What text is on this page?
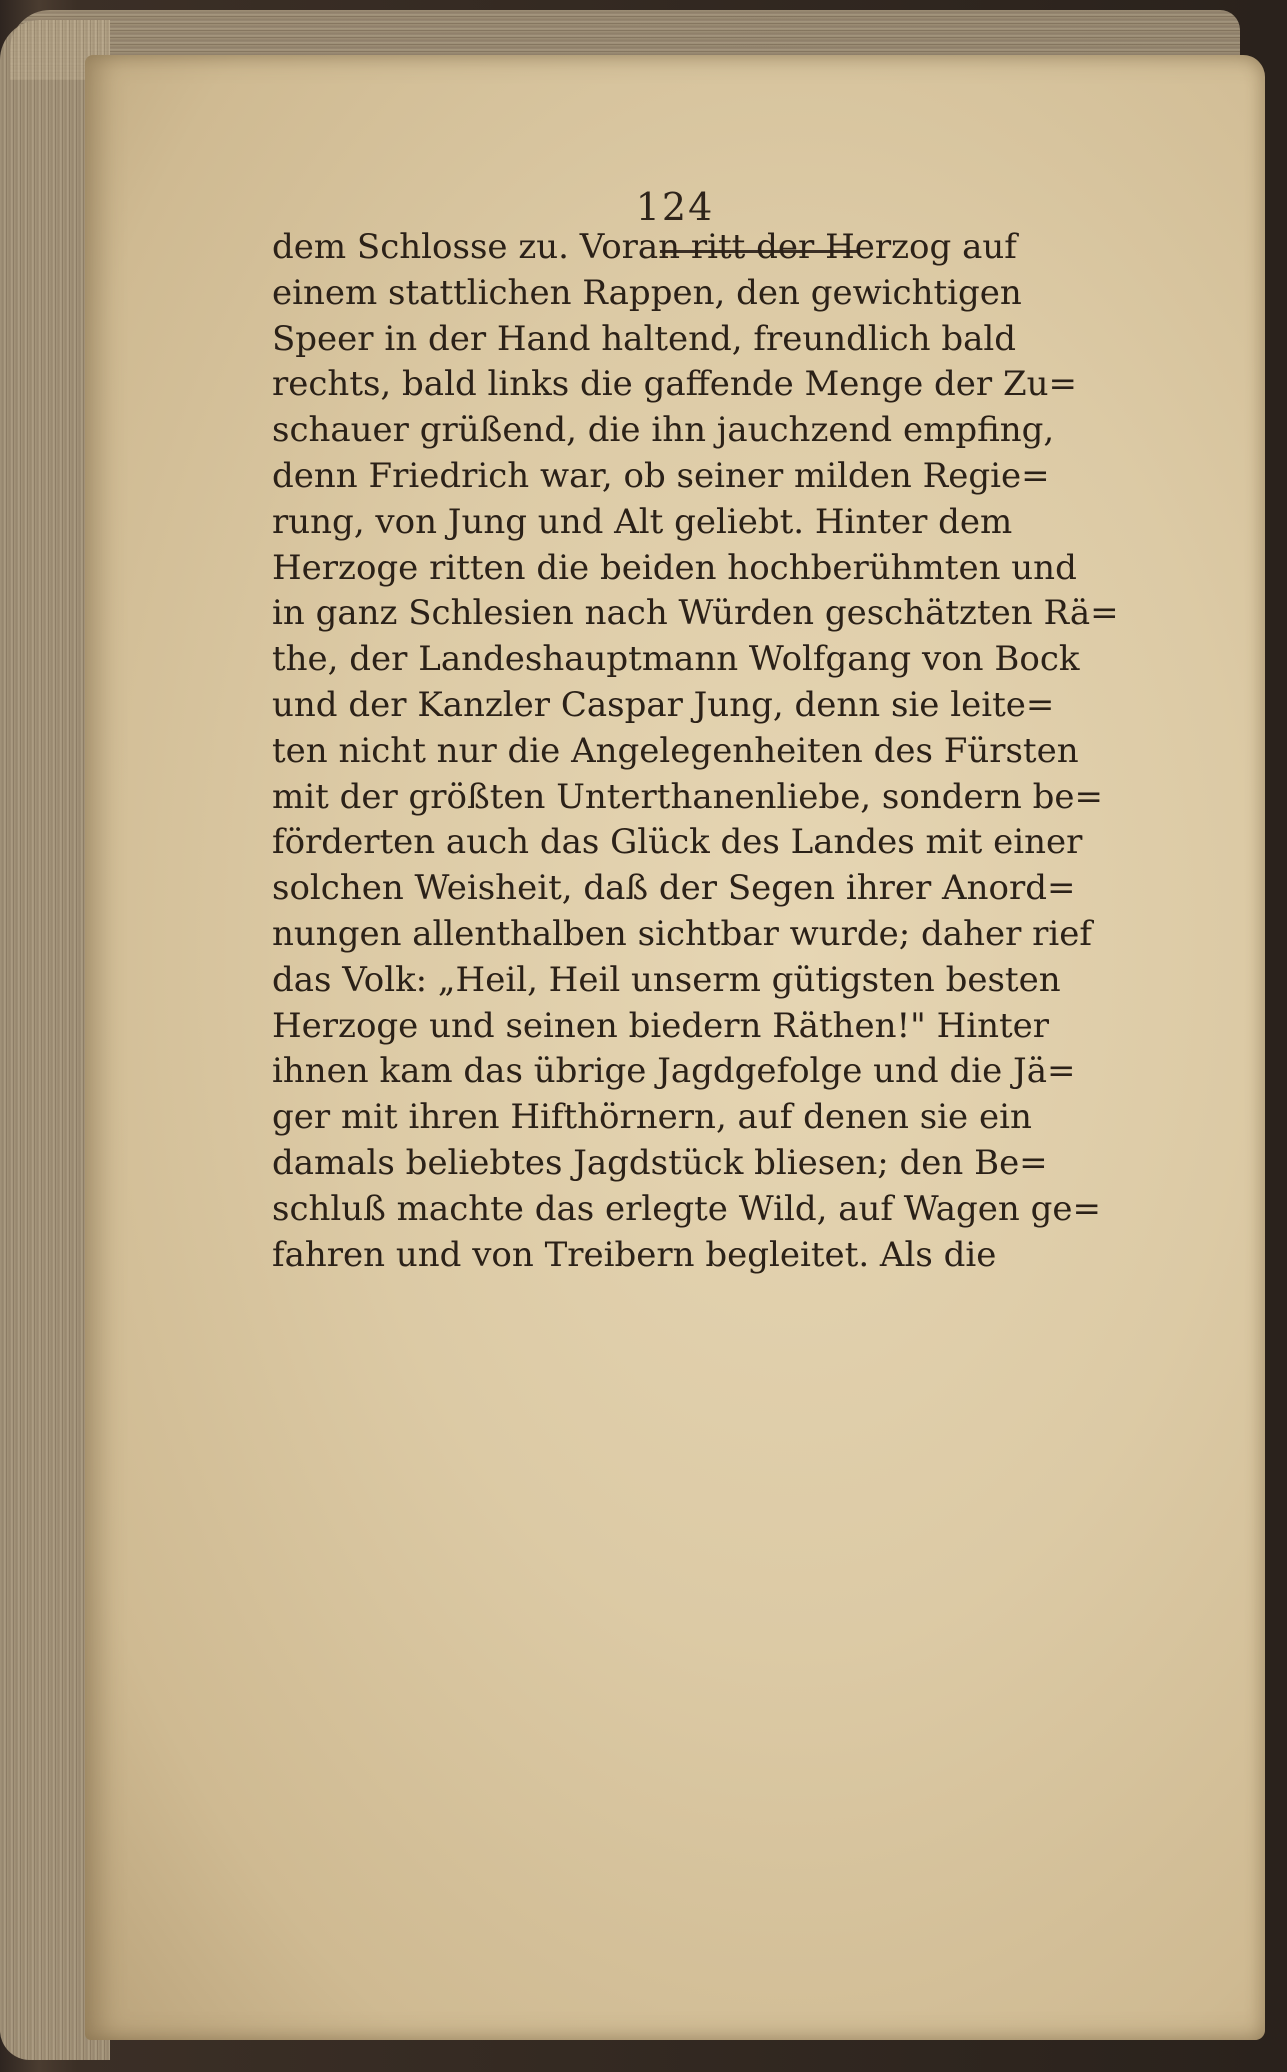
124

dem Schlosse zu. Voran ritt der Herzog auf
einem stattlichen Rappen, den gewichtigen
Speer in der Hand haltend, freundlich bald
rechts, bald links die gaffende Menge der Zu=
schauer grüßend, die ihn jauchzend empfing,
denn Friedrich war, ob seiner milden Regie=
rung, von Jung und Alt geliebt. Hinter dem
Herzoge ritten die beiden hochberühmten und
in ganz Schlesien nach Würden geschätzten Rä=
the, der Landeshauptmann Wolfgang von Bock
und der Kanzler Caspar Jung, denn sie leite=
ten nicht nur die Angelegenheiten des Fürsten
mit der größten Unterthanenliebe, sondern be=
förderten auch das Glück des Landes mit einer
solchen Weisheit, daß der Segen ihrer Anord=
nungen allenthalben sichtbar wurde; daher rief
das Volk: „Heil, Heil unserm gütigsten besten
Herzoge und seinen biedern Räthen!" Hinter
ihnen kam das übrige Jagdgefolge und die Jä=
ger mit ihren Hifthörnern, auf denen sie ein
damals beliebtes Jagdstück bliesen; den Be=
schluß machte das erlegte Wild, auf Wagen ge=
fahren und von Treibern begleitet. Als die
